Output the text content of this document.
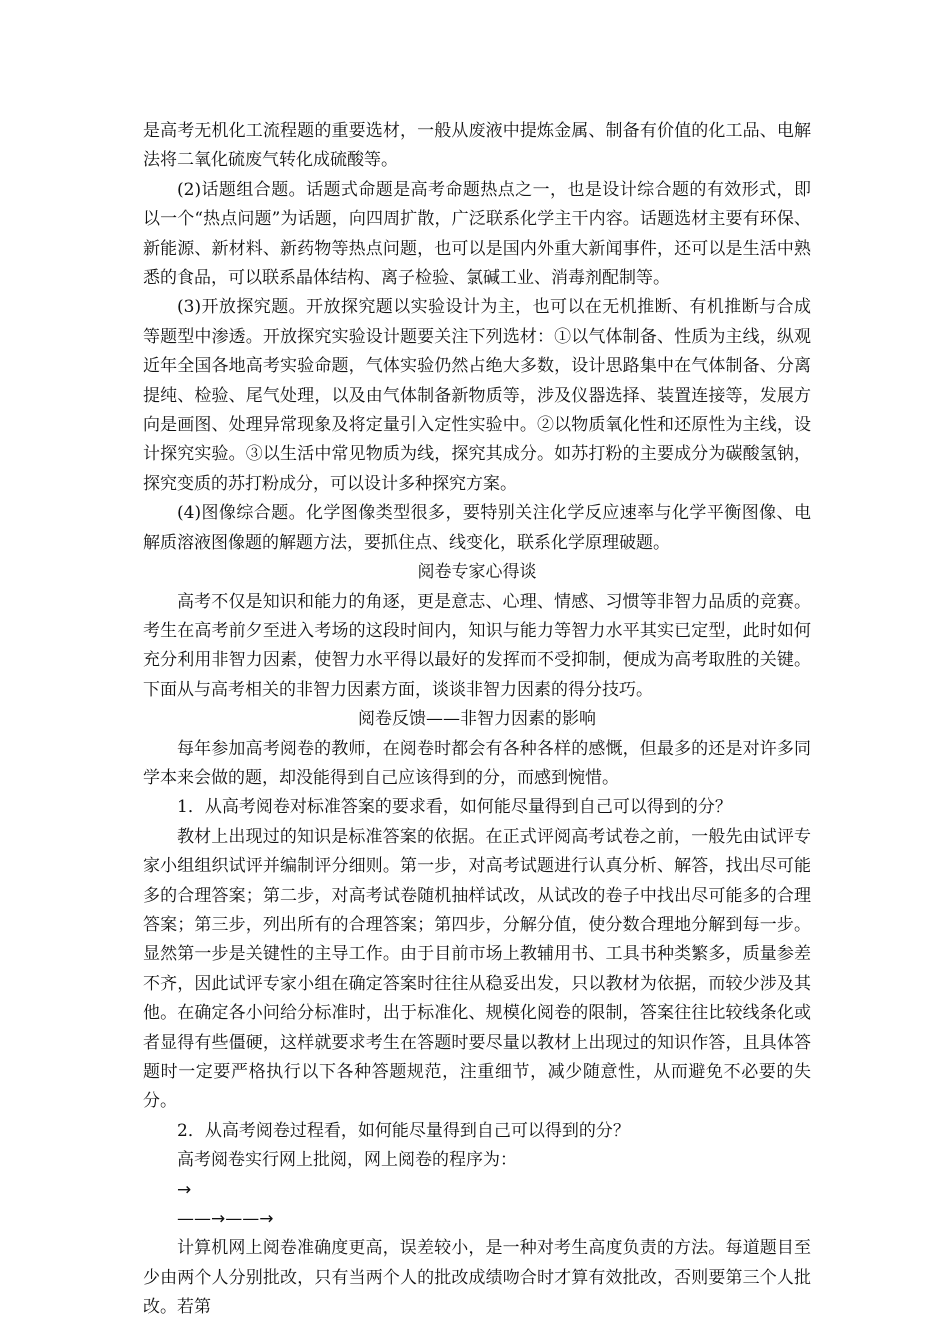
是高考无机化工流程题的重要选材，一般从废液中提炼金属、制备有价值的化工品、电解法将二氧化硫废气转化成硫酸等。

(2)话题组合题。话题式命题是高考命题热点之一，也是设计综合题的有效形式，即以一个“热点问题”为话题，向四周扩散，广泛联系化学主干内容。话题选材主要有环保、新能源、新材料、新药物等热点问题，也可以是国内外重大新闻事件，还可以是生活中熟悉的食品，可以联系晶体结构、离子检验、氯碱工业、消毒剂配制等。

(3)开放探究题。开放探究题以实验设计为主，也可以在无机推断、有机推断与合成等题型中渗透。开放探究实验设计题要关注下列选材：①以气体制备、性质为主线，纵观近年全国各地高考实验命题，气体实验仍然占绝大多数，设计思路集中在气体制备、分离提纯、检验、尾气处理，以及由气体制备新物质等，涉及仪器选择、装置连接等，发展方向是画图、处理异常现象及将定量引入定性实验中。②以物质氧化性和还原性为主线，设计探究实验。③以生活中常见物质为线，探究其成分。如苏打粉的主要成分为碳酸氢钠，探究变质的苏打粉成分，可以设计多种探究方案。

(4)图像综合题。化学图像类型很多，要特别关注化学反应速率与化学平衡图像、电解质溶液图像题的解题方法，要抓住点、线变化，联系化学原理破题。

阅卷专家心得谈

高考不仅是知识和能力的角逐，更是意志、心理、情感、习惯等非智力品质的竞赛。考生在高考前夕至进入考场的这段时间内，知识与能力等智力水平其实已定型，此时如何充分利用非智力因素，使智力水平得以最好的发挥而不受抑制，便成为高考取胜的关键。下面从与高考相关的非智力因素方面，谈谈非智力因素的得分技巧。

阅卷反馈——非智力因素的影响

每年参加高考阅卷的教师，在阅卷时都会有各种各样的感慨，但最多的还是对许多同学本来会做的题，却没能得到自己应该得到的分，而感到惋惜。

1．从高考阅卷对标准答案的要求看，如何能尽量得到自己可以得到的分？

教材上出现过的知识是标准答案的依据。在正式评阅高考试卷之前，一般先由试评专家小组组织试评并编制评分细则。第一步，对高考试题进行认真分析、解答，找出尽可能多的合理答案；第二步，对高考试卷随机抽样试改，从试改的卷子中找出尽可能多的合理答案；第三步，列出所有的合理答案；第四步，分解分值，使分数合理地分解到每一步。显然第一步是关键性的主导工作。由于目前市场上教辅用书、工具书种类繁多，质量参差不齐，因此试评专家小组在确定答案时往往从稳妥出发，只以教材为依据，而较少涉及其他。在确定各小问给分标准时，出于标准化、规模化阅卷的限制，答案往往比较线条化或者显得有些僵硬，这样就要求考生在答题时要尽量以教材上出现过的知识作答，且具体答题时一定要严格执行以下各种答题规范，注重细节，减少随意性，从而避免不必要的失分。

2．从高考阅卷过程看，如何能尽量得到自己可以得到的分？

高考阅卷实行网上批阅，网上阅卷的程序为：

→

——→——→

计算机网上阅卷准确度更高，误差较小，是一种对考生高度负责的方法。每道题目至少由两个人分别批改，只有当两个人的批改成绩吻合时才算有效批改，否则要第三个人批改。若第
